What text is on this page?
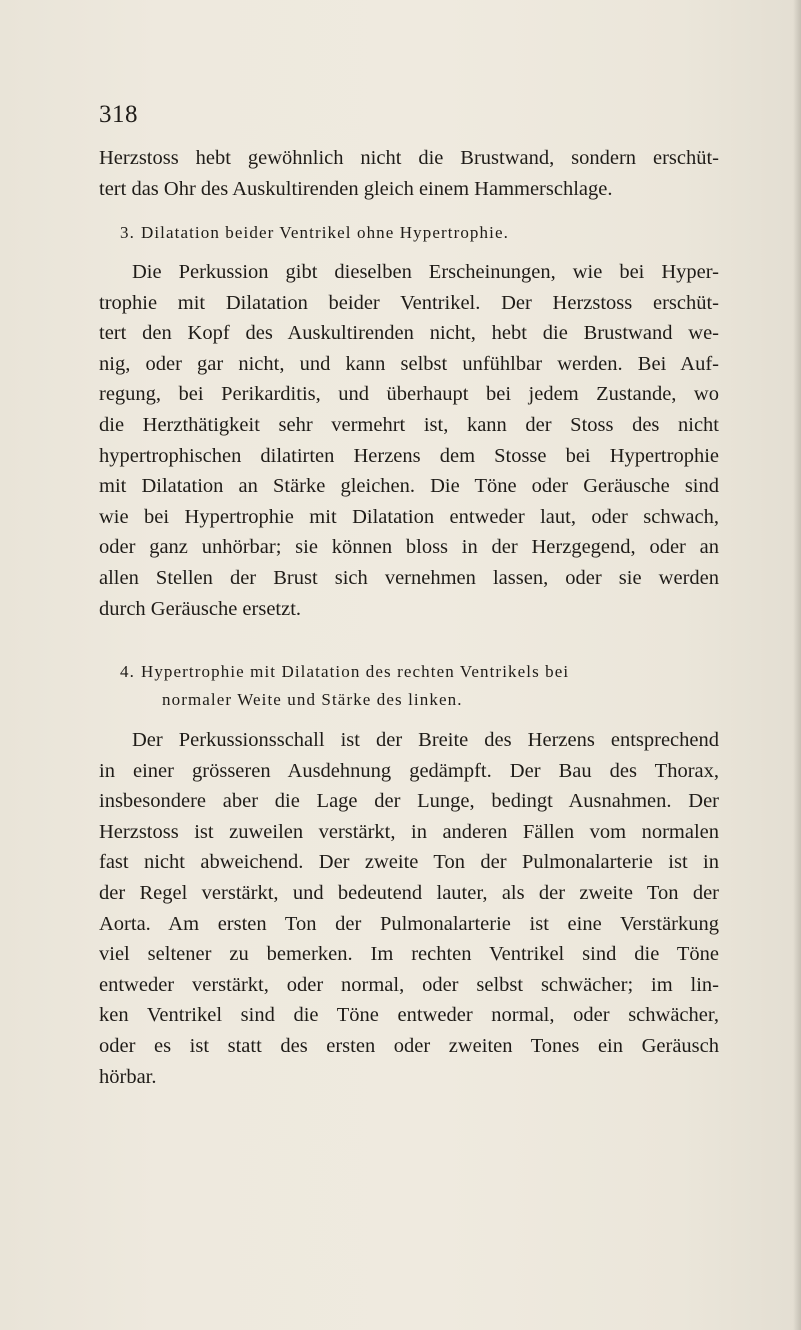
318
Herzstoss hebt gewöhnlich nicht die Brustwand, sondern erschüt-
tert das Ohr des Auskultirenden gleich einem Hammerschlage.
3. Dilatation beider Ventrikel ohne Hypertrophie.
Die Perkussion gibt dieselben Erscheinungen, wie bei Hyper-
trophie mit Dilatation beider Ventrikel. Der Herzstoss erschüt-
tert den Kopf des Auskultirenden nicht, hebt die Brustwand we-
nig, oder gar nicht, und kann selbst unfühlbar werden. Bei Auf-
regung, bei Perikarditis, und überhaupt bei jedem Zustande, wo
die Herzthätigkeit sehr vermehrt ist, kann der Stoss des nicht
hypertrophischen dilatirten Herzens dem Stosse bei Hypertrophie
mit Dilatation an Stärke gleichen. Die Töne oder Geräusche sind
wie bei Hypertrophie mit Dilatation entweder laut, oder schwach,
oder ganz unhörbar; sie können bloss in der Herzgegend, oder an
allen Stellen der Brust sich vernehmen lassen, oder sie werden
durch Geräusche ersetzt.
4. Hypertrophie mit Dilatation des rechten Ventrikels bei
normaler Weite und Stärke des linken.
Der Perkussionsschall ist der Breite des Herzens entsprechend
in einer grösseren Ausdehnung gedämpft. Der Bau des Thorax,
insbesondere aber die Lage der Lunge, bedingt Ausnahmen. Der
Herzstoss ist zuweilen verstärkt, in anderen Fällen vom normalen
fast nicht abweichend. Der zweite Ton der Pulmonalarterie ist in
der Regel verstärkt, und bedeutend lauter, als der zweite Ton der
Aorta. Am ersten Ton der Pulmonalarterie ist eine Verstärkung
viel seltener zu bemerken. Im rechten Ventrikel sind die Töne
entweder verstärkt, oder normal, oder selbst schwächer; im lin-
ken Ventrikel sind die Töne entweder normal, oder schwächer,
oder es ist statt des ersten oder zweiten Tones ein Geräusch
hörbar.
